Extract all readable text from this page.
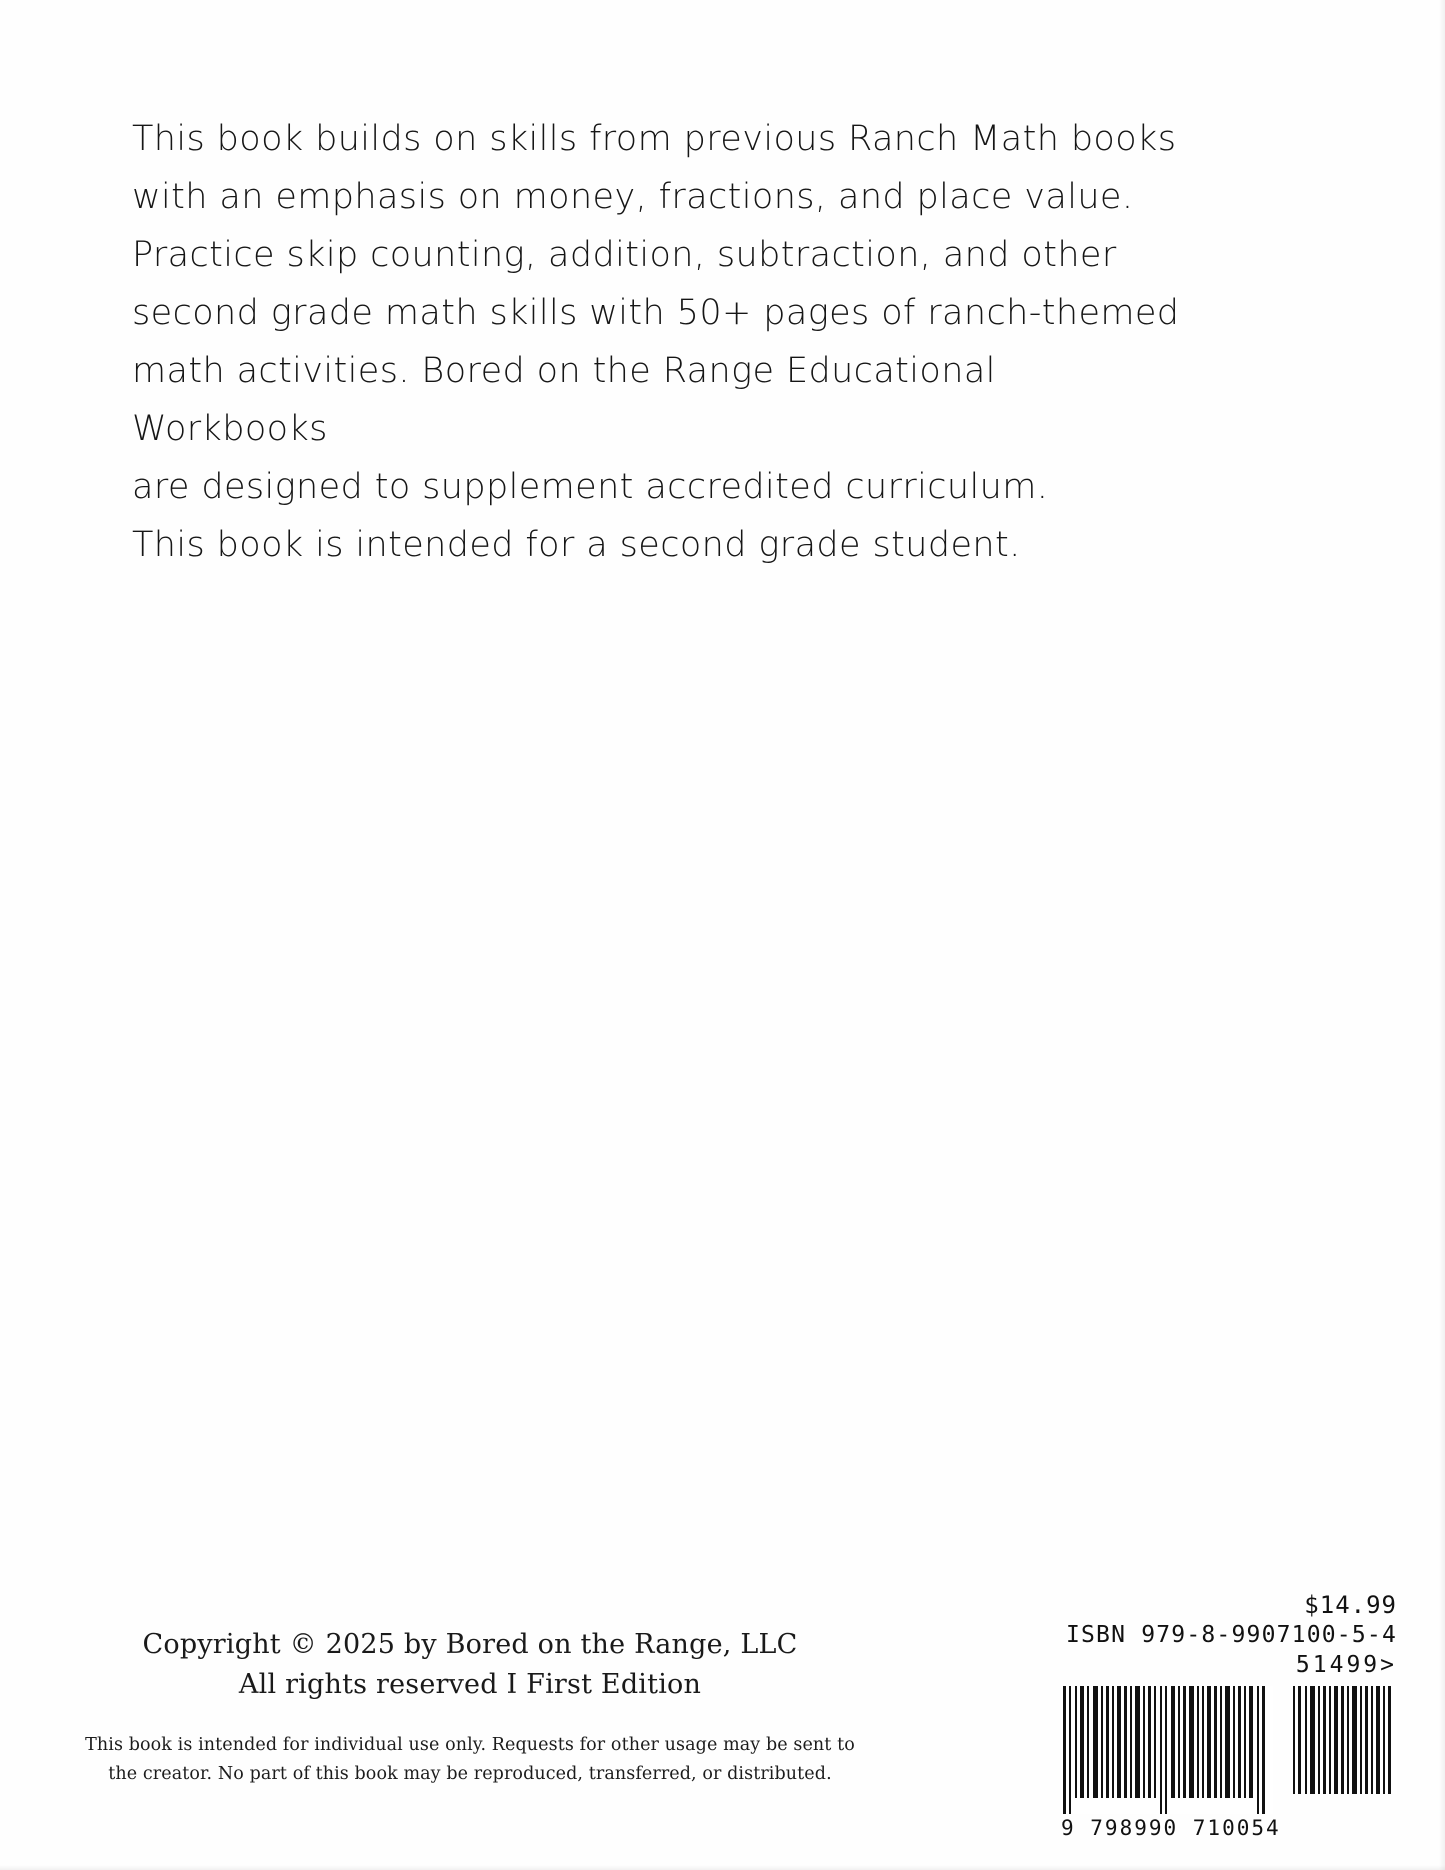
This book builds on skills from previous Ranch Math books

with an emphasis on money, fractions, and place value.

Practice skip counting, addition, subtraction, and other

second grade math skills with 50+ pages of ranch-themed

math activities. Bored on the Range Educational Workbooks

are designed to supplement accredited curriculum.

This book is intended for a second grade student.

Copyright © 2025 by Bored on the Range, LLC
All rights reserved I First Edition
This book is intended for individual use only. Requests for other usage may be sent to
the creator. No part of this book may be reproduced, transferred, or distributed.
$14.99
ISBN 979-8-9907100-5-4
51499>
9 798990 710054
